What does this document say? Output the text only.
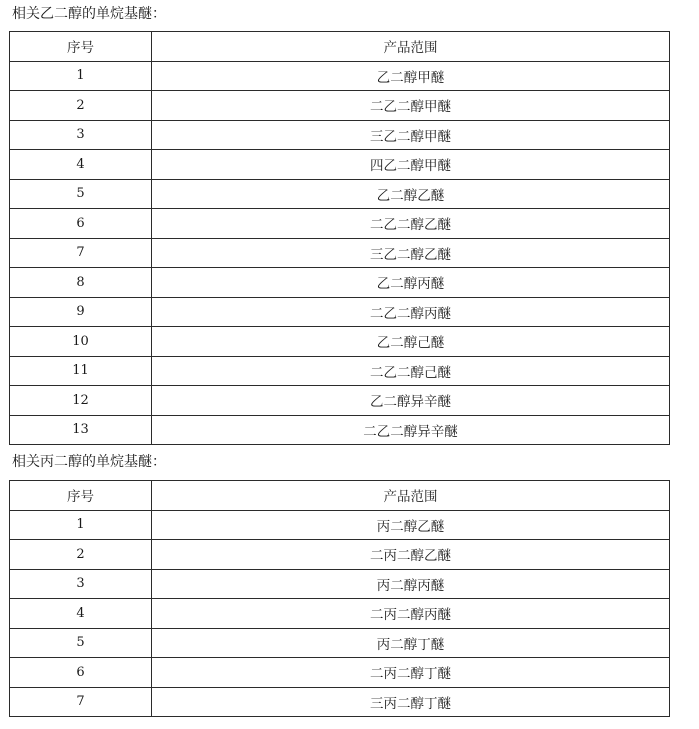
相关乙二醇的单烷基醚：
序号	产品范围
1	乙二醇甲醚
2	二乙二醇甲醚
3	三乙二醇甲醚
4	四乙二醇甲醚
5	乙二醇乙醚
6	二乙二醇乙醚
7	三乙二醇乙醚
8	乙二醇丙醚
9	二乙二醇丙醚
10	乙二醇己醚
11	二乙二醇己醚
12	乙二醇异辛醚
13	二乙二醇异辛醚
相关丙二醇的单烷基醚：
序号	产品范围
1	丙二醇乙醚
2	二丙二醇乙醚
3	丙二醇丙醚
4	二丙二醇丙醚
5	丙二醇丁醚
6	二丙二醇丁醚
7	三丙二醇丁醚
